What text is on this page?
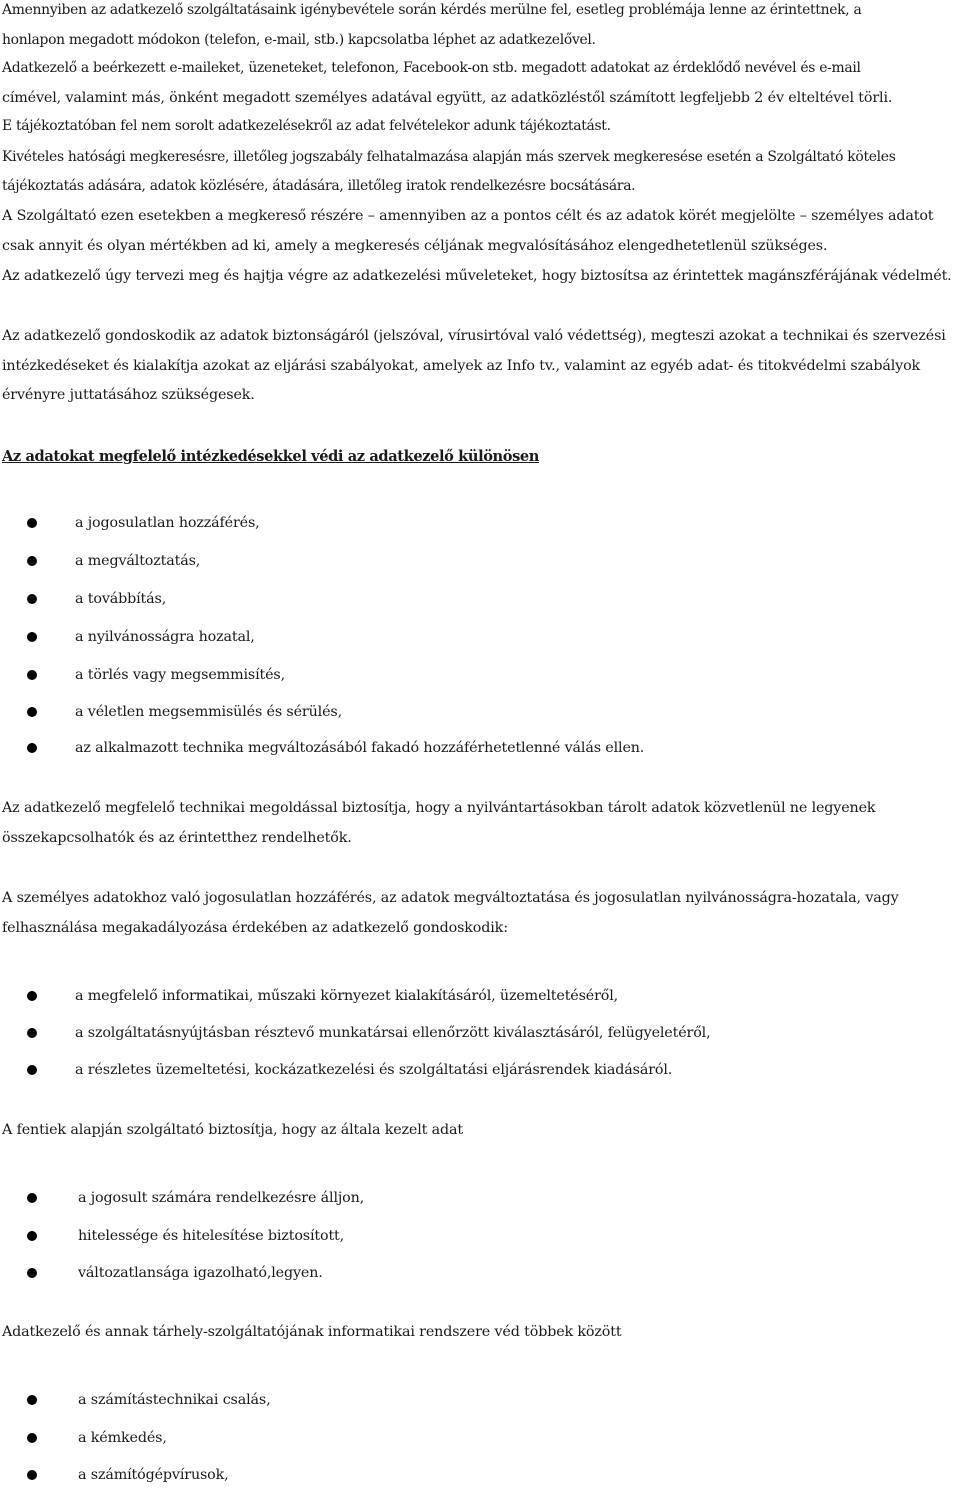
Amennyiben az adatkezelő szolgáltatásaink igénybevétele során kérdés merülne fel, esetleg problémája lenne az érintettnek, a

honlapon megadott módokon (telefon, e-mail, stb.) kapcsolatba léphet az adatkezelővel.

Adatkezelő a beérkezett e-maileket, üzeneteket, telefonon, Facebook-on stb. megadott adatokat az érdeklődő nevével és e-mail

címével, valamint más, önként megadott személyes adatával együtt, az adatközléstől számított legfeljebb 2 év elteltével törli.

E tájékoztatóban fel nem sorolt adatkezelésekről az adat felvételekor adunk tájékoztatást.

Kivételes hatósági megkeresésre, illetőleg jogszabály felhatalmazása alapján más szervek megkeresése esetén a Szolgáltató köteles

tájékoztatás adására, adatok közlésére, átadására, illetőleg iratok rendelkezésre bocsátására.

A Szolgáltató ezen esetekben a megkereső részére – amennyiben az a pontos célt és az adatok körét megjelölte – személyes adatot

csak annyit és olyan mértékben ad ki, amely a megkeresés céljának megvalósításához elengedhetetlenül szükséges.

Az adatkezelő úgy tervezi meg és hajtja végre az adatkezelési műveleteket, hogy biztosítsa az érintettek magánszférájának védelmét.

Az adatkezelő gondoskodik az adatok biztonságáról (jelszóval, vírusirtóval való védettség), megteszi azokat a technikai és szervezési

intézkedéseket és kialakítja azokat az eljárási szabályokat, amelyek az Info tv., valamint az egyéb adat- és titokvédelmi szabályok

érvényre juttatásához szükségesek.

Az adatokat megfelelő intézkedésekkel védi az adatkezelő különösen

a jogosulatlan hozzáférés,
a megváltoztatás,
a továbbítás,
a nyilvánosságra hozatal,
a törlés vagy megsemmisítés,
a véletlen megsemmisülés és sérülés,
az alkalmazott technika megváltozásából fakadó hozzáférhetetlenné válás ellen.

Az adatkezelő megfelelő technikai megoldással biztosítja, hogy a nyilvántartásokban tárolt adatok közvetlenül ne legyenek

összekapcsolhatók és az érintetthez rendelhetők.

A személyes adatokhoz való jogosulatlan hozzáférés, az adatok megváltoztatása és jogosulatlan nyilvánosságra-hozatala, vagy

felhasználása megakadályozása érdekében az adatkezelő gondoskodik:

a megfelelő informatikai, műszaki környezet kialakításáról, üzemeltetéséről,
a szolgáltatásnyújtásban résztevő munkatársai ellenőrzött kiválasztásáról, felügyeletéről,
a részletes üzemeltetési, kockázatkezelési és szolgáltatási eljárásrendek kiadásáról.

A fentiek alapján szolgáltató biztosítja, hogy az általa kezelt adat

a jogosult számára rendelkezésre álljon,
hitelessége és hitelesítése biztosított,
változatlansága igazolható,legyen.

Adatkezelő és annak tárhely-szolgáltatójának informatikai rendszere véd többek között

a számítástechnikai csalás,
a kémkedés,
a számítógépvírusok,
